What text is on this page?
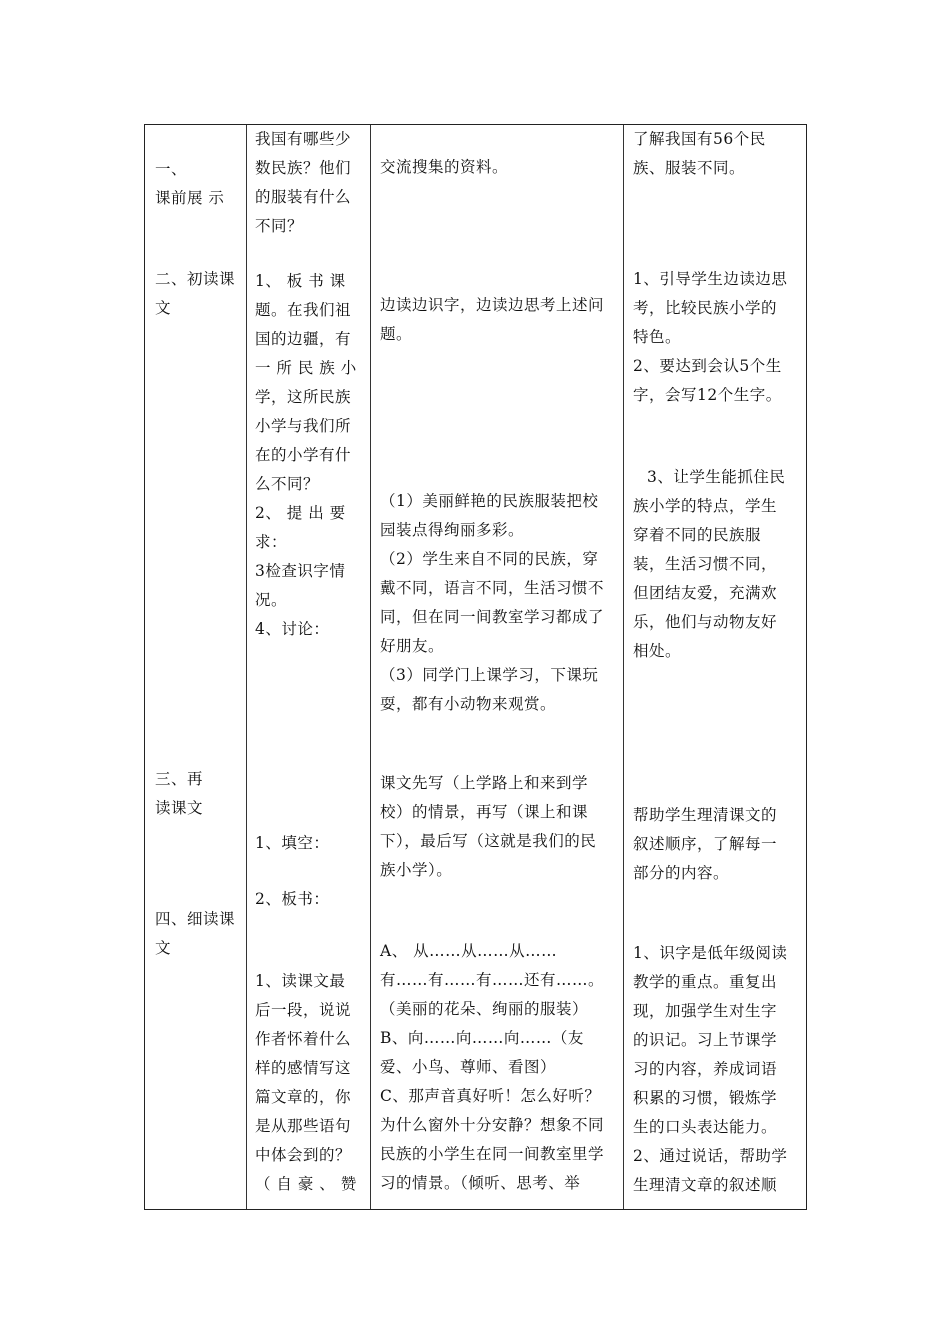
一、
课前展 示
我国有哪些少
数民族？他们
的服装有什么
不同？
交流搜集的资料。
了解我国有56个民
族、服装不同。
二、初读课
文
1、 板 书 课
题。在我们祖
国的边疆，有
一 所 民 族 小
学，这所民族
小学与我们所
在的小学有什
么不同？
2、 提 出 要
求：
3检查识字情
况。
4、讨论：
边读边识字，边读边思考上述问
题。
（1）美丽鲜艳的民族服装把校
园装点得绚丽多彩。
（2）学生来自不同的民族，穿
戴不同，语言不同，生活习惯不
同，但在同一间教室学习都成了
好朋友。
（3）同学门上课学习，下课玩
耍，都有小动物来观赏。
1、引导学生边读边思
考，比较民族小学的
特色。
2、要达到会认5个生
字，会写12个生字。
3、让学生能抓住民
族小学的特点，学生
穿着不同的民族服
装，生活习惯不同，
但团结友爱，充满欢
乐，他们与动物友好
相处。
三、再
读课文
1、填空：
2、板书：
课文先写（上学路上和来到学
校）的情景，再写（课上和课
下），最后写（这就是我们的民
族小学）。
帮助学生理清课文的
叙述顺序，了解每一
部分的内容。
四、细读课
文
1、读课文最
后一段，说说
作者怀着什么
样的感情写这
篇文章的，你
是从那些语句
中体会到的？
（ 自 豪 、 赞
A、 从……从……从……
有……有……有……还有……。
（美丽的花朵、绚丽的服装）
B、向……向……向……（友
爱、小鸟、尊师、看图）
C、那声音真好听！怎么好听？
为什么窗外十分安静？想象不同
民族的小学生在同一间教室里学
习的情景。（倾听、思考、举
1、识字是低年级阅读
教学的重点。重复出
现，加强学生对生字
的识记。习上节课学
习的内容，养成词语
积累的习惯，锻炼学
生的口头表达能力。
2、通过说话，帮助学
生理清文章的叙述顺
